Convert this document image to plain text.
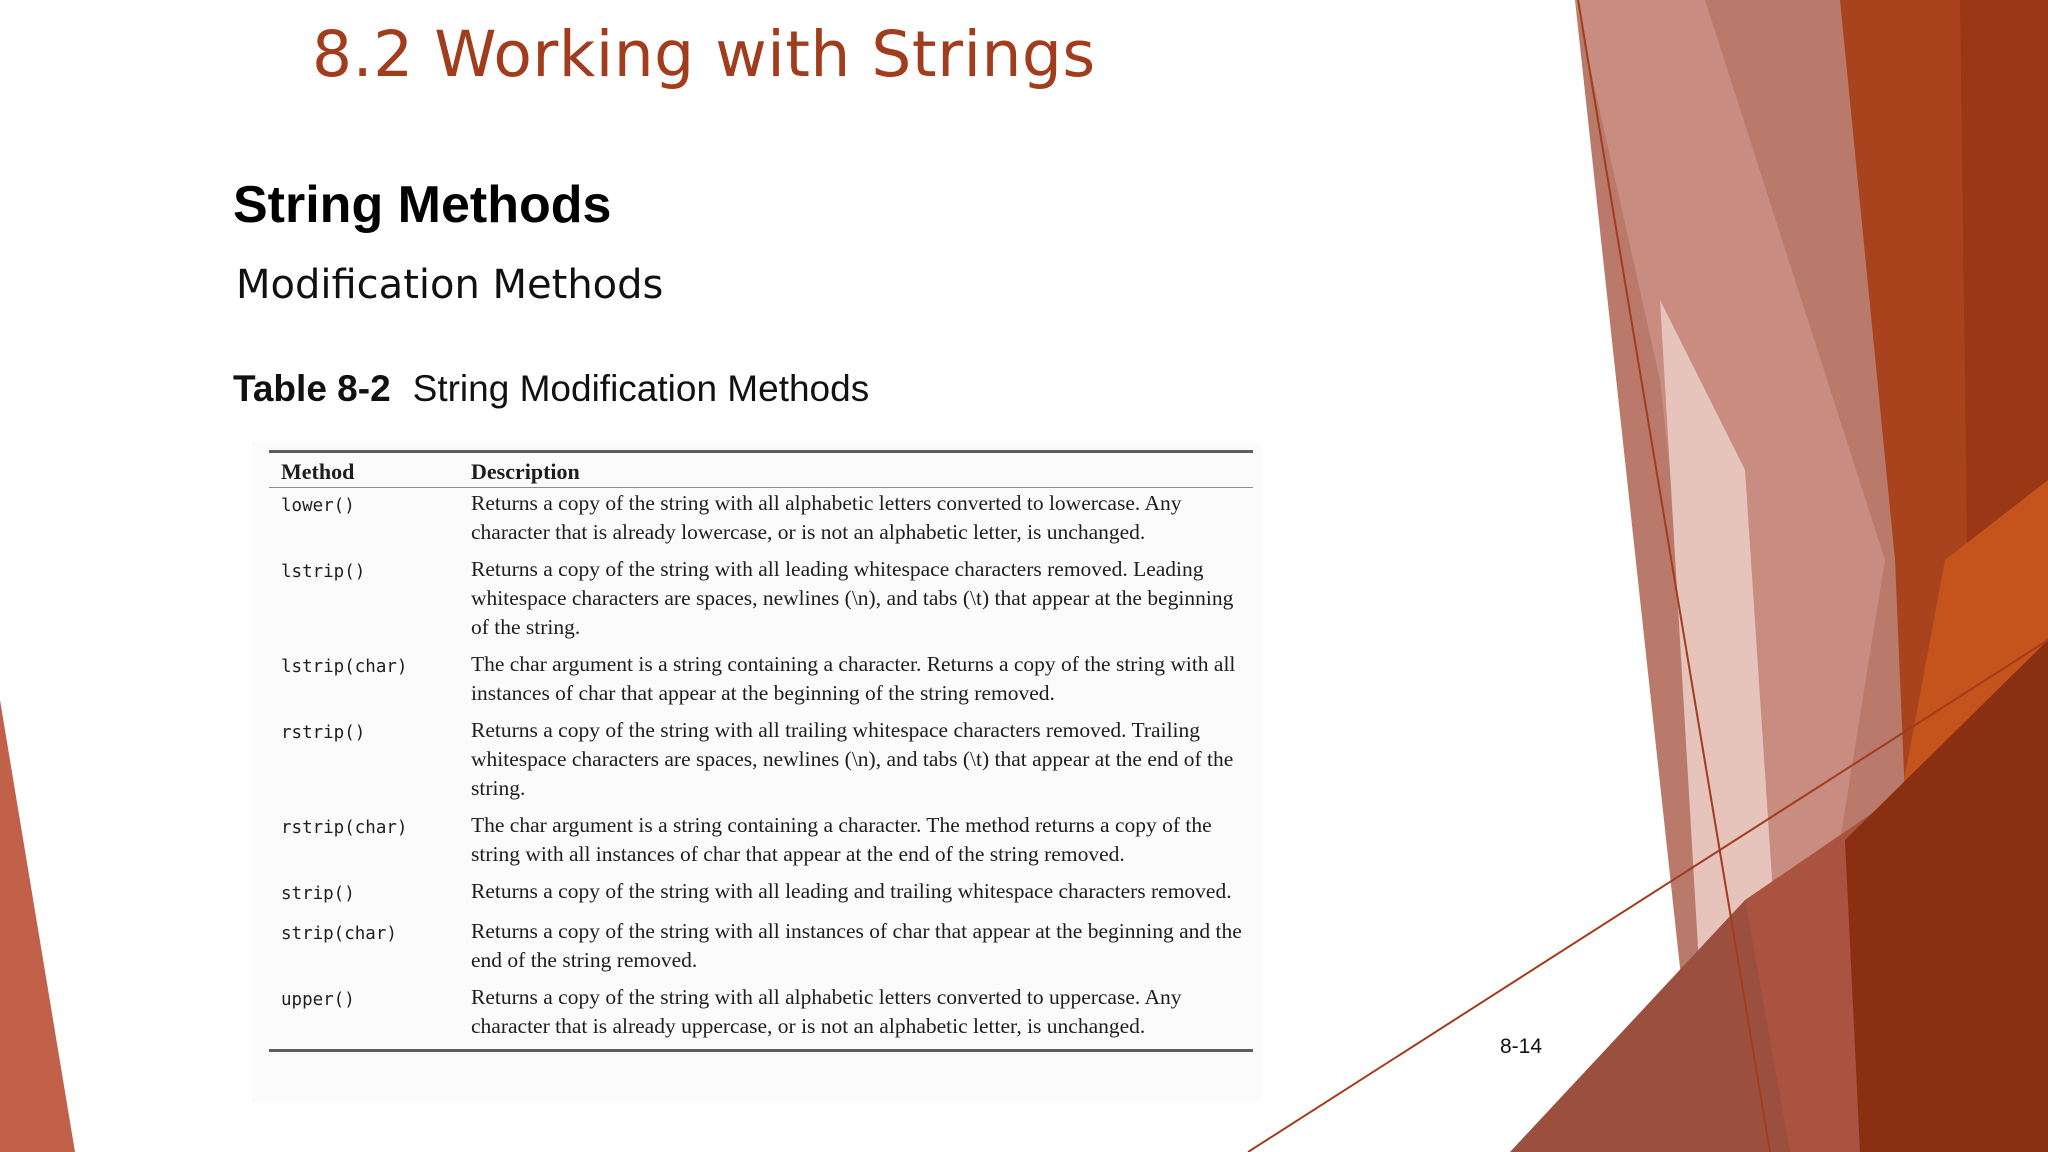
8.2 Working with Strings
String Methods
Modification Methods
Table 8-2 String Modification Methods
Method	Description
lower()	Returns a copy of the string with all alphabetic letters converted to lowercase. Any character that is already lowercase, or is not an alphabetic letter, is unchanged.
lstrip()	Returns a copy of the string with all leading whitespace characters removed. Leading whitespace characters are spaces, newlines (\n), and tabs (\t) that appear at the beginning of the string.
lstrip(char)	The char argument is a string containing a character. Returns a copy of the string with all instances of char that appear at the beginning of the string removed.
rstrip()	Returns a copy of the string with all trailing whitespace characters removed. Trailing whitespace characters are spaces, newlines (\n), and tabs (\t) that appear at the end of the string.
rstrip(char)	The char argument is a string containing a character. The method returns a copy of the string with all instances of char that appear at the end of the string removed.
strip()	Returns a copy of the string with all leading and trailing whitespace characters removed.
strip(char)	Returns a copy of the string with all instances of char that appear at the beginning and the end of the string removed.
upper()	Returns a copy of the string with all alphabetic letters converted to uppercase. Any character that is already uppercase, or is not an alphabetic letter, is unchanged.
8-14
